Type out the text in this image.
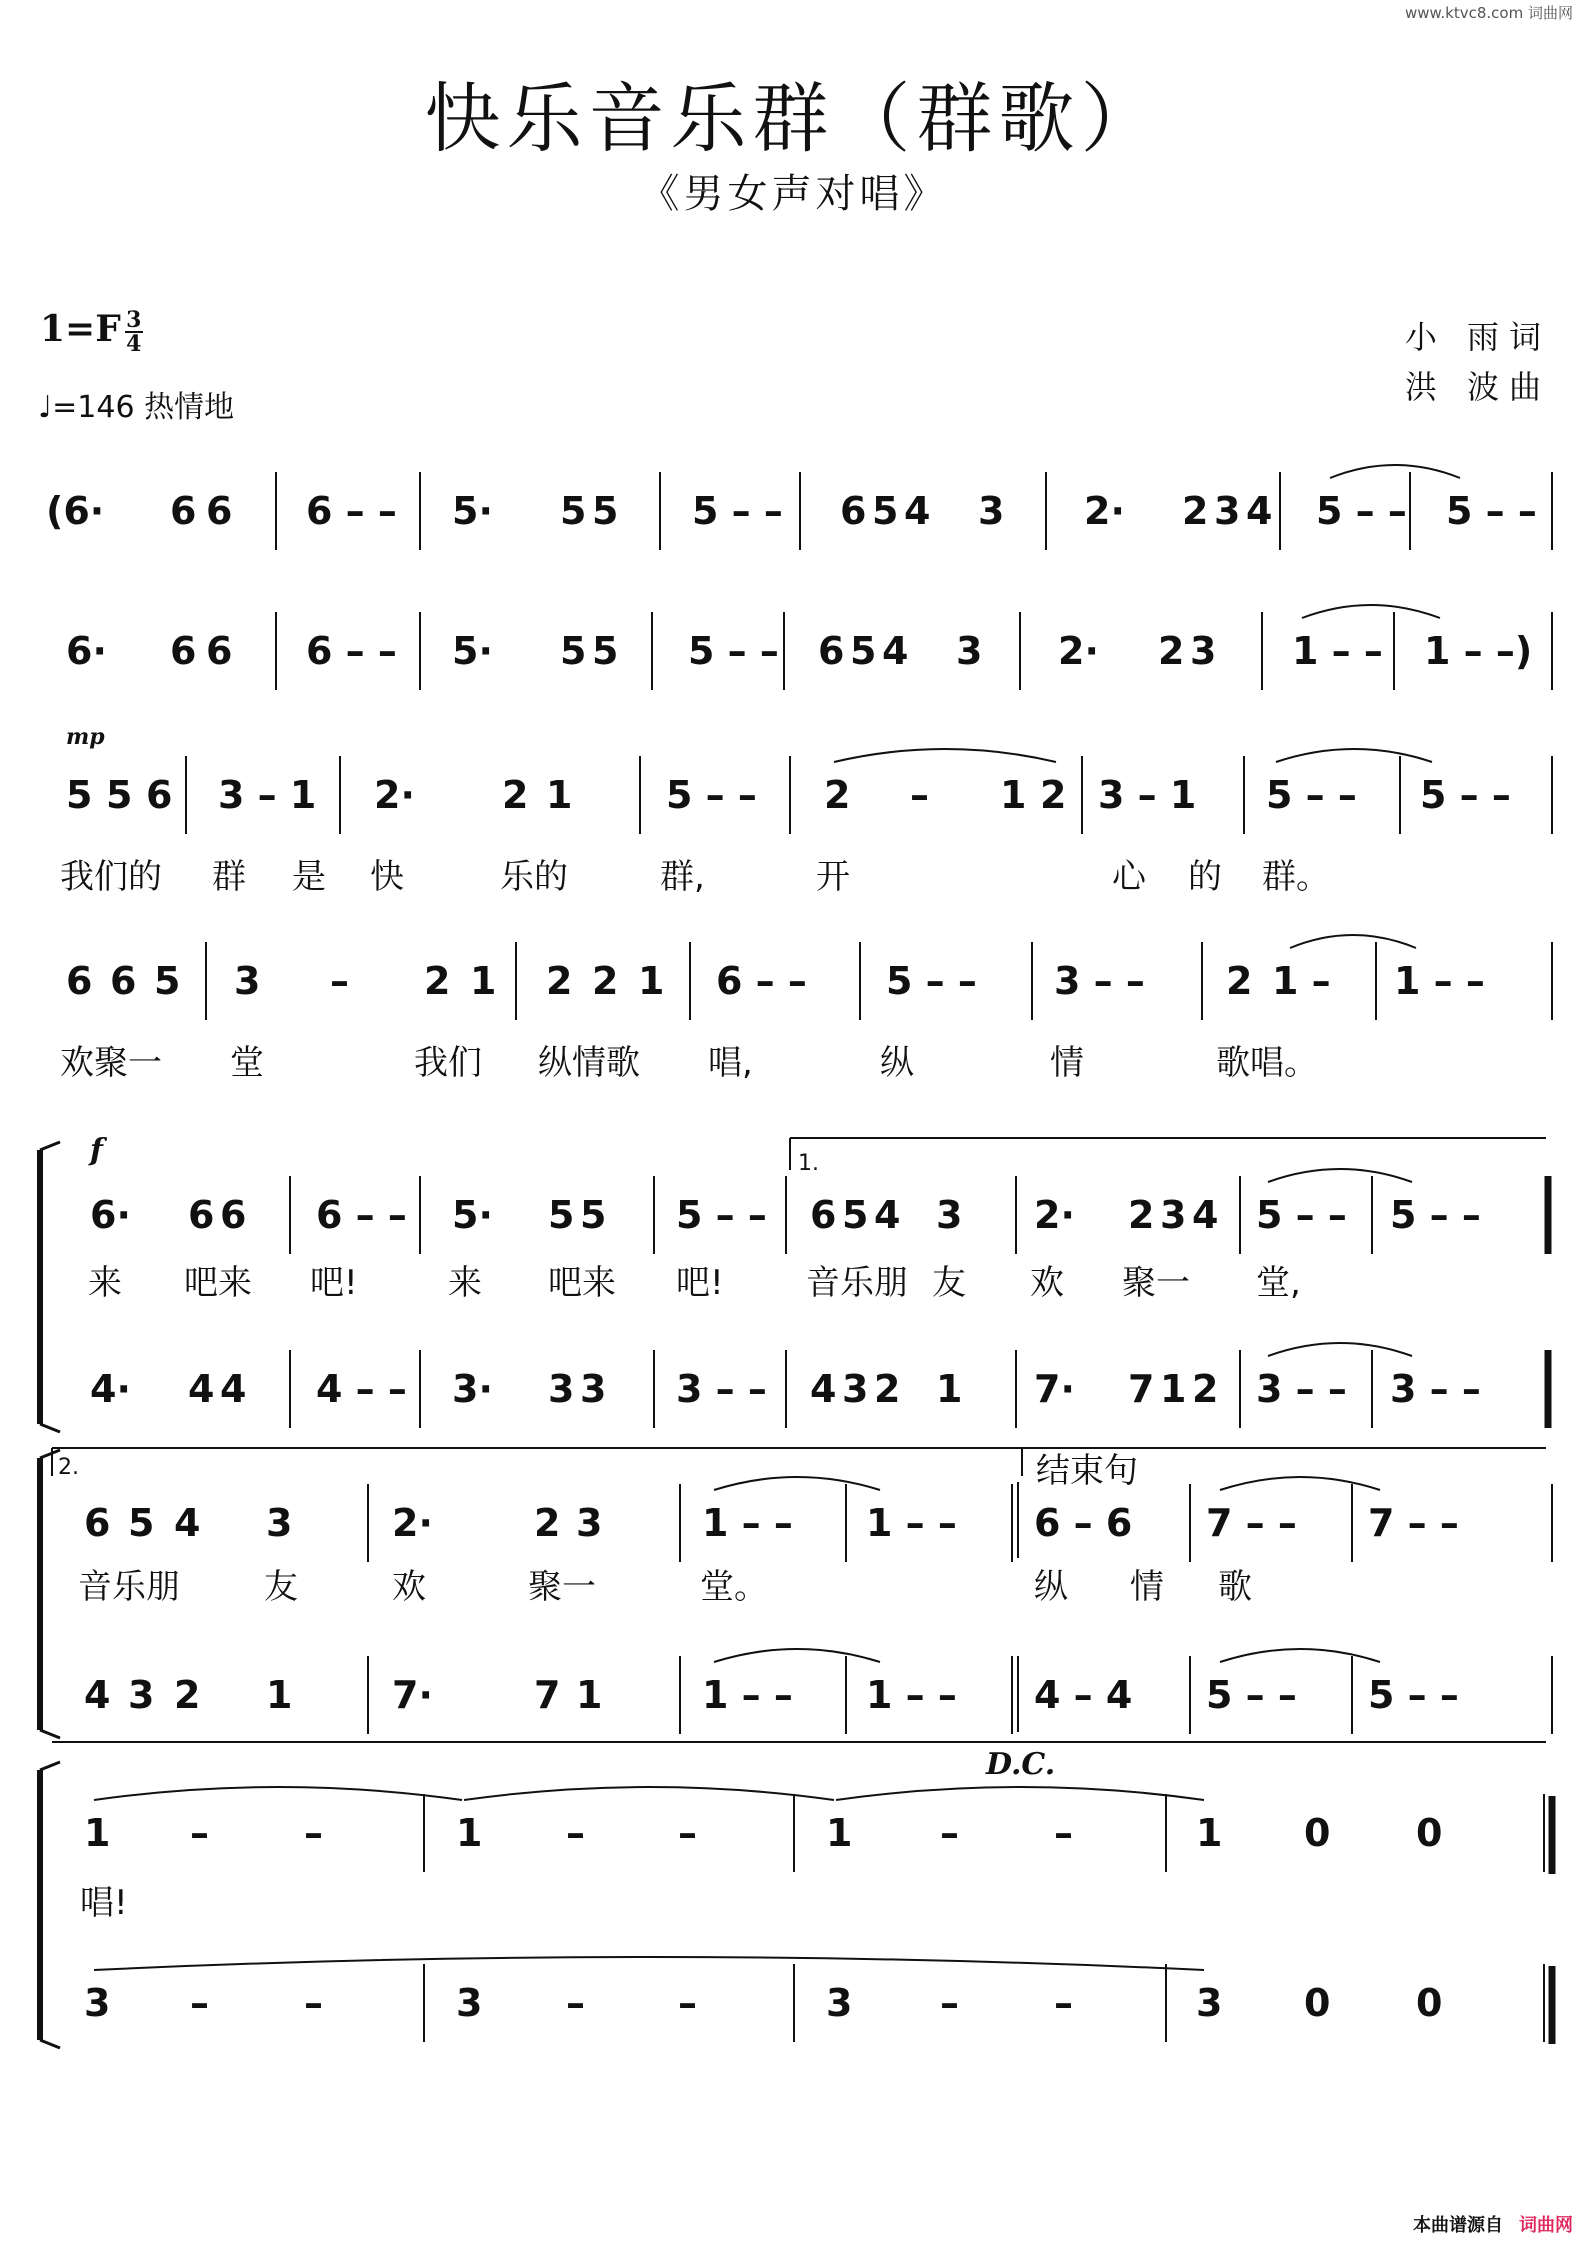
www.ktvc8.com 词曲网
快乐音乐群（群歌）
《男女声对唱》
$1=F \frac{3}{4}$
♩=146 热情地
小 雨词
洪 波曲
(6· 6 6 6 – – 5· 5 5 5 – – 6 5 4 3 2· 2 3 4 5 – – 5 – –
6· 6 6 6 – – 5· 5 5 5 – – 6 5 4 3 2· 2 3 1 – – 1 – –)
5 5 6 3 – 1 2· 2 1 5 – – 2 – 1 2 3 – 1 5 – – 5 – –
我们的 群 是 快	乐的	群,	开	心 的 群。
6 6 5 3 – 2 1 2 2 1 6 – – 5 – – 3 – – 2 1 – 1 – –
欢聚一 堂	我们 纵情歌 唱,	纵	情	歌唱。
6· 6 6 6 – – 5· 5 5 5 – – 6 5 4 3 2· 2 3 4 5 – – 5 – –
来 吧来 吧!	来 吧来 吧! 音乐朋 友 欢 聚一 堂,
4· 4 4 4 – – 3· 3 3 3 – – 4 3 2 1 7· 7 1 2 3 – – 3 – –
6 5 4 3	2·	2 3	1 – – 1 – – 6 – 6 7 – – 7 – –
音乐朋 友	欢	聚一	堂。	纵 情 歌
4 3 2 1	7·	7 1	1 – – 1 – – 4 – 4 5 – – 5 – –
结束句
1 –	–	1 – –	1 –	–	1 0 0
唱!
3 –	–	3 – –	3 –	–	3 0 0
本曲谱源自 词曲网
mp
1.
f
2.
D.C.
